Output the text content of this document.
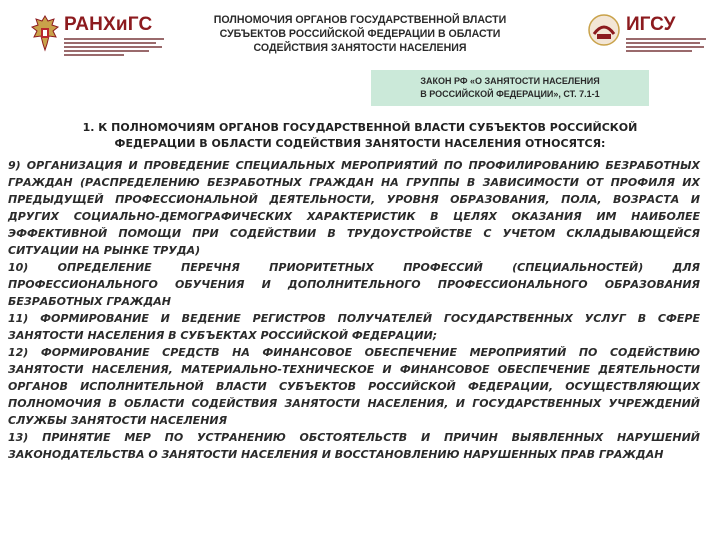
РАНХиГС	ПОЛНОМОЧИЯ ОРГАНОВ ГОСУДАРСТВЕННОЙ ВЛАСТИ
СУБЪЕКТОВ РОССИЙСКОЙ ФЕДЕРАЦИИ В ОБЛАСТИ
СОДЕЙСТВИЯ ЗАНЯТОСТИ НАСЕЛЕНИЯ
ИГСУ
ЗАКОН РФ «О ЗАНЯТОСТИ НАСЕЛЕНИЯ
В РОССИЙСКОЙ ФЕДЕРАЦИИ», СТ. 7.1-1
1. К ПОЛНОМОЧИЯМ ОРГАНОВ ГОСУДАРСТВЕННОЙ ВЛАСТИ СУБЪЕКТОВ РОССИЙСКОЙ
ФЕДЕРАЦИИ В ОБЛАСТИ СОДЕЙСТВИЯ ЗАНЯТОСТИ НАСЕЛЕНИЯ ОТНОСЯТСЯ:

9) ОРГАНИЗАЦИЯ И ПРОВЕДЕНИЕ СПЕЦИАЛЬНЫХ МЕРОПРИЯТИЙ ПО ПРОФИЛИРОВАНИЮ БЕЗРАБОТНЫХ ГРАЖДАН (РАСПРЕДЕЛЕНИЮ БЕЗРАБОТНЫХ ГРАЖДАН НА ГРУППЫ В ЗАВИСИМОСТИ ОТ ПРОФИЛЯ ИХ ПРЕДЫДУЩЕЙ ПРОФЕССИОНАЛЬНОЙ ДЕЯТЕЛЬНОСТИ, УРОВНЯ ОБРАЗОВАНИЯ, ПОЛА, ВОЗРАСТА И ДРУГИХ СОЦИАЛЬНО-ДЕМОГРАФИЧЕСКИХ ХАРАКТЕРИСТИК В ЦЕЛЯХ ОКАЗАНИЯ ИМ НАИБОЛЕЕ ЭФФЕКТИВНОЙ ПОМОЩИ ПРИ СОДЕЙСТВИИ В ТРУДОУСТРОЙСТВЕ С УЧЕТОМ СКЛАДЫВАЮЩЕЙСЯ СИТУАЦИИ НА РЫНКЕ ТРУДА)

10) ОПРЕДЕЛЕНИЕ ПЕРЕЧНЯ ПРИОРИТЕТНЫХ ПРОФЕССИЙ (СПЕЦИАЛЬНОСТЕЙ) ДЛЯ ПРОФЕССИОНАЛЬНОГО ОБУЧЕНИЯ И ДОПОЛНИТЕЛЬНОГО ПРОФЕССИОНАЛЬНОГО ОБРАЗОВАНИЯ БЕЗРАБОТНЫХ ГРАЖДАН

11) ФОРМИРОВАНИЕ И ВЕДЕНИЕ РЕГИСТРОВ ПОЛУЧАТЕЛЕЙ ГОСУДАРСТВЕННЫХ УСЛУГ В СФЕРЕ ЗАНЯТОСТИ НАСЕЛЕНИЯ В СУБЪЕКТАХ РОССИЙСКОЙ ФЕДЕРАЦИИ;

12) ФОРМИРОВАНИЕ СРЕДСТВ НА ФИНАНСОВОЕ ОБЕСПЕЧЕНИЕ МЕРОПРИЯТИЙ ПО СОДЕЙСТВИЮ ЗАНЯТОСТИ НАСЕЛЕНИЯ, МАТЕРИАЛЬНО-ТЕХНИЧЕСКОЕ И ФИНАНСОВОЕ ОБЕСПЕЧЕНИЕ ДЕЯТЕЛЬНОСТИ ОРГАНОВ ИСПОЛНИТЕЛЬНОЙ ВЛАСТИ СУБЪЕКТОВ РОССИЙСКОЙ ФЕДЕРАЦИИ, ОСУЩЕСТВЛЯЮЩИХ ПОЛНОМОЧИЯ В ОБЛАСТИ СОДЕЙСТВИЯ ЗАНЯТОСТИ НАСЕЛЕНИЯ, И ГОСУДАРСТВЕННЫХ УЧРЕЖДЕНИЙ СЛУЖБЫ ЗАНЯТОСТИ НАСЕЛЕНИЯ

13) ПРИНЯТИЕ МЕР ПО УСТРАНЕНИЮ ОБСТОЯТЕЛЬСТВ И ПРИЧИН ВЫЯВЛЕННЫХ НАРУШЕНИЙ ЗАКОНОДАТЕЛЬСТВА О ЗАНЯТОСТИ НАСЕЛЕНИЯ И ВОССТАНОВЛЕНИЮ НАРУШЕННЫХ ПРАВ ГРАЖДАН
